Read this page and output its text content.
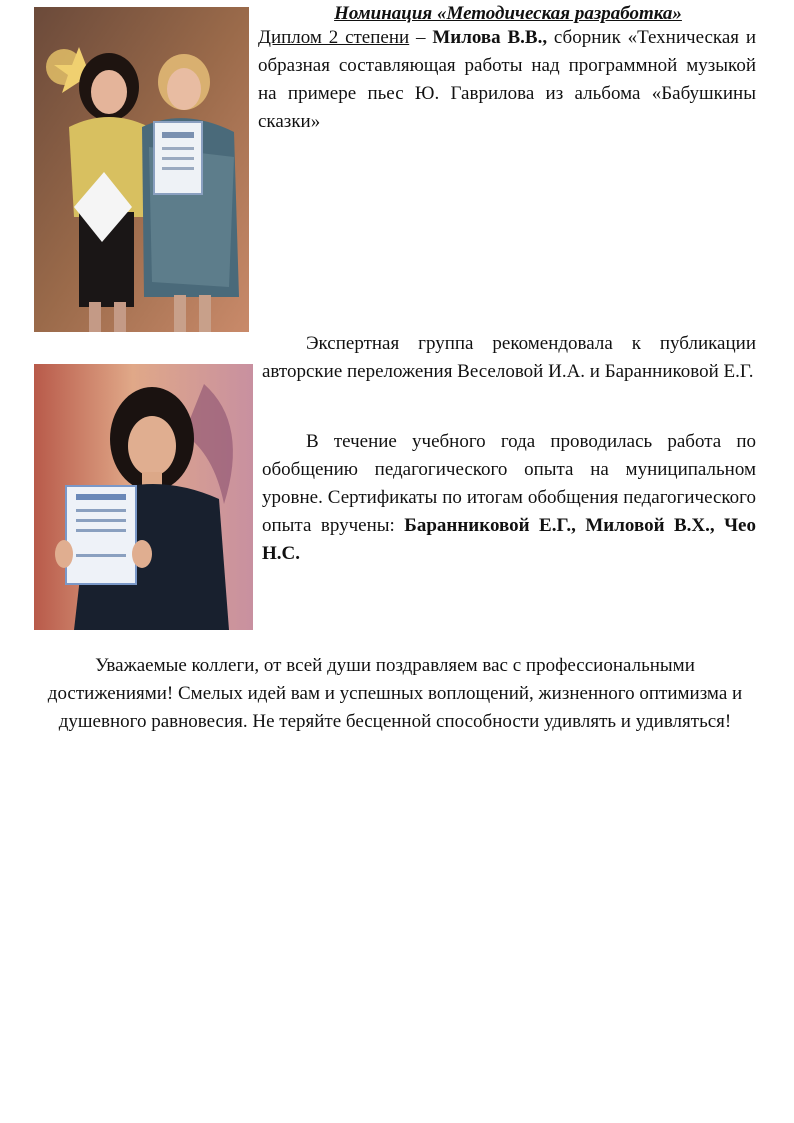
Номинация «Методическая разработка»
Диплом 2 степени – Милова В.В., сборник «Техническая и образная составляющая работы над программной музыкой на примере пьес Ю. Гаврилова из альбома «Бабушкины сказки»
Экспертная группа рекомендовала к публикации авторские переложения Веселовой И.А. и Баранниковой Е.Г.
В течение учебного года проводилась работа по обобщению педагогического опыта на муниципальном уровне. Сертификаты по итогам обобщения педагогического опыта вручены: Баранниковой Е.Г., Миловой В.Х., Чео Н.С.
Уважаемые коллеги, от всей души поздравляем вас с профессиональными достижениями! Смелых идей вам и успешных воплощений, жизненного оптимизма и душевного равновесия. Не теряйте бесценной способности удивлять и удивляться!
